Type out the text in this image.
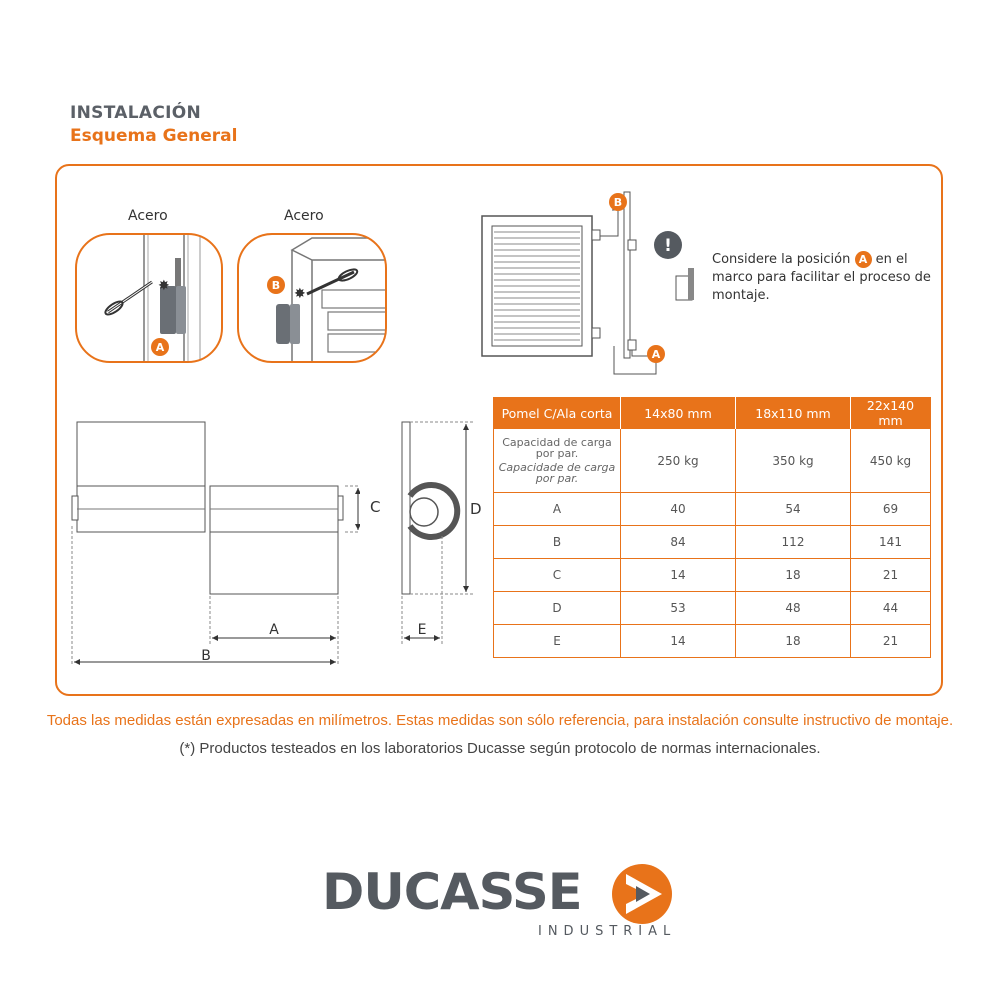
INSTALACIÓN
Esquema General
Acero	Acero
✸
A
✸
B
B
A
!
Considere la posición A en el marco para facilitar el proceso de montaje.
A
B
C
E
D
Pomel C/Ala corta	14x80 mm	18x110 mm	22x140 mm
Capacidad de carga por par.
Capacidade de carga por par.	250 kg	350 kg	450 kg
A	40	54	69
B	84	112	141
C	14	18	21
D	53	48	44
E	14	18	21
Todas las medidas están expresadas en milímetros. Estas medidas son sólo referencia, para instalación consulte instructivo de montaje.
(*) Productos testeados en los laboratorios Ducasse según protocolo de normas internacionales.
DUCASSE
INDUSTRIAL
